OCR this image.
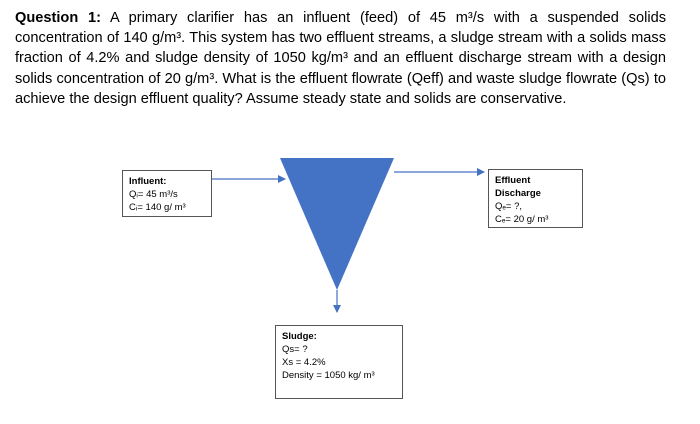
Question 1: A primary clarifier has an influent (feed) of 45 m³/s with a suspended solids concentration of 140 g/m³. This system has two effluent streams, a sludge stream with a solids mass fraction of 4.2% and sludge density of 1050 kg/m³ and an effluent discharge stream with a design solids concentration of 20 g/m³. What is the effluent flowrate (Qeff) and waste sludge flowrate (Qs) to achieve the design effluent quality? Assume steady state and solids are conservative.

Influent:
Qᵢ= 45 m³/s
Cᵢ= 140 g/ m³
Effluent Discharge
Qₑ= ?,
Cₑ= 20 g/ m³
Sludge:
Qs= ?
Xs = 4.2%
Density = 1050 kg/ m³
